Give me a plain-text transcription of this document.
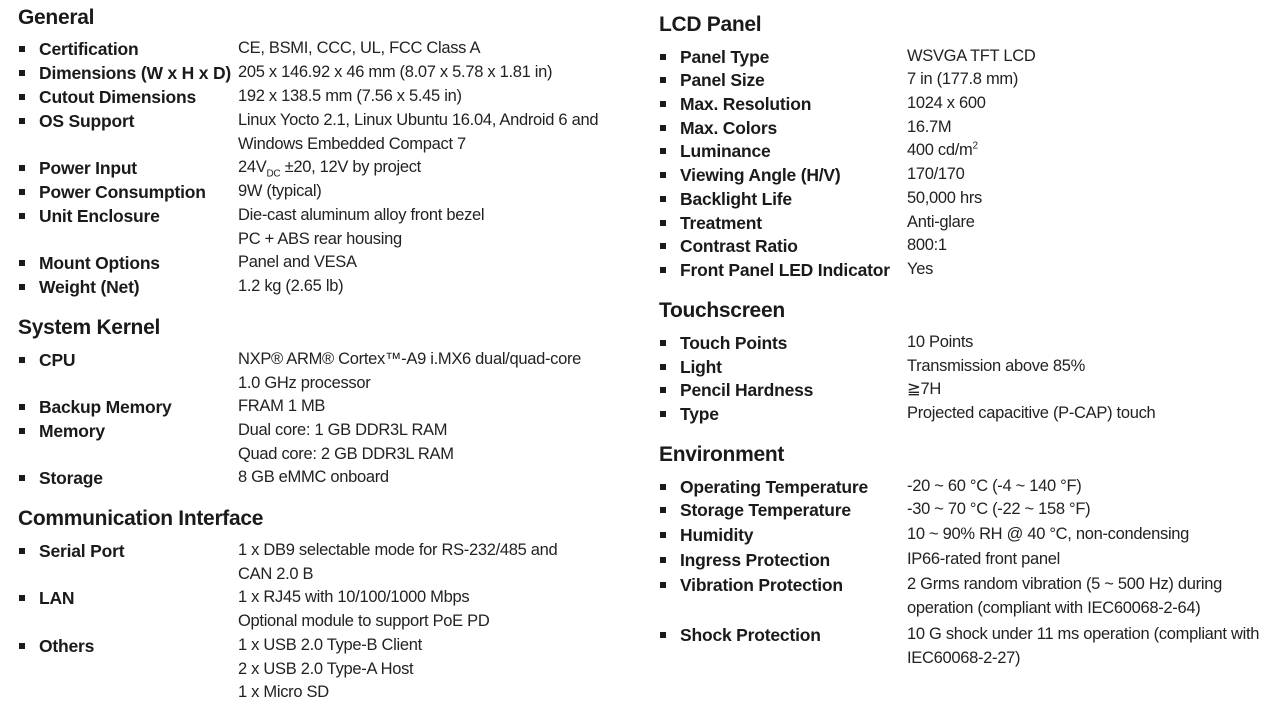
General
Certification	CE, BSMI, CCC, UL, FCC Class A
Dimensions (W x H x D) 205 x 146.92 x 46 mm (8.07 x 5.78 x 1.81 in)
Cutout Dimensions	192 x 138.5 mm (7.56 x 5.45 in)
OS Support	Linux Yocto 2.1, Linux Ubuntu 16.04, Android 6 and
Windows Embedded Compact 7
Power Input	$24V_{DC} \pm 20$, 12V by project
Power Consumption 9W (typical)
Unit Enclosure	Die-cast aluminum alloy front bezel
PC + ABS rear housing
Mount Options	Panel and VESA
Weight (Net)	1.2 kg (2.65 lb)
System Kernel
CPU	NXP® ARM® Cortex™-A9 i.MX6 dual/quad-core
1.0 GHz processor
Backup Memory	FRAM 1 MB
Memory	Dual core: 1 GB DDR3L RAM
Quad core: 2 GB DDR3L RAM
Storage	8 GB eMMC onboard
Communication Interface
Serial Port	1 x DB9 selectable mode for RS-232/485 and
CAN 2.0 B
LAN	1 x RJ45 with 10/100/1000 Mbps
Optional module to support PoE PD
Others	1 x USB 2.0 Type-B Client
2 x USB 2.0 Type-A Host
1 x Micro SD
LCD Panel
Panel Type	WSVGA TFT LCD
Panel Size	7 in (177.8 mm)
Max. Resolution	1024 x 600
Max. Colors	16.7M
Luminance	400 $cd/m^2$
Viewing Angle (H/V)	170/170
Backlight Life	50,000 hrs
Treatment	Anti-glare
Contrast Ratio	800:1
Front Panel LED Indicator Yes
Touchscreen
Touch Points	10 Points
Light	Transmission above 85%
Pencil Hardness	≧7H
Type	Projected capacitive (P-CAP) touch
Environment
Operating Temperature -20 ~ 60 °C (-4 ~ 140 °F)
Storage Temperature	-30 ~ 70 °C (-22 ~ 158 °F)
Humidity	10 ~ 90% RH @ 40 °C, non-condensing
Ingress Protection	IP66-rated front panel
Vibration Protection	2 Grms random vibration (5 ~ 500 Hz) during
operation (compliant with IEC60068-2-64)
Shock Protection	10 G shock under 11 ms operation (compliant with
IEC60068-2-27)
